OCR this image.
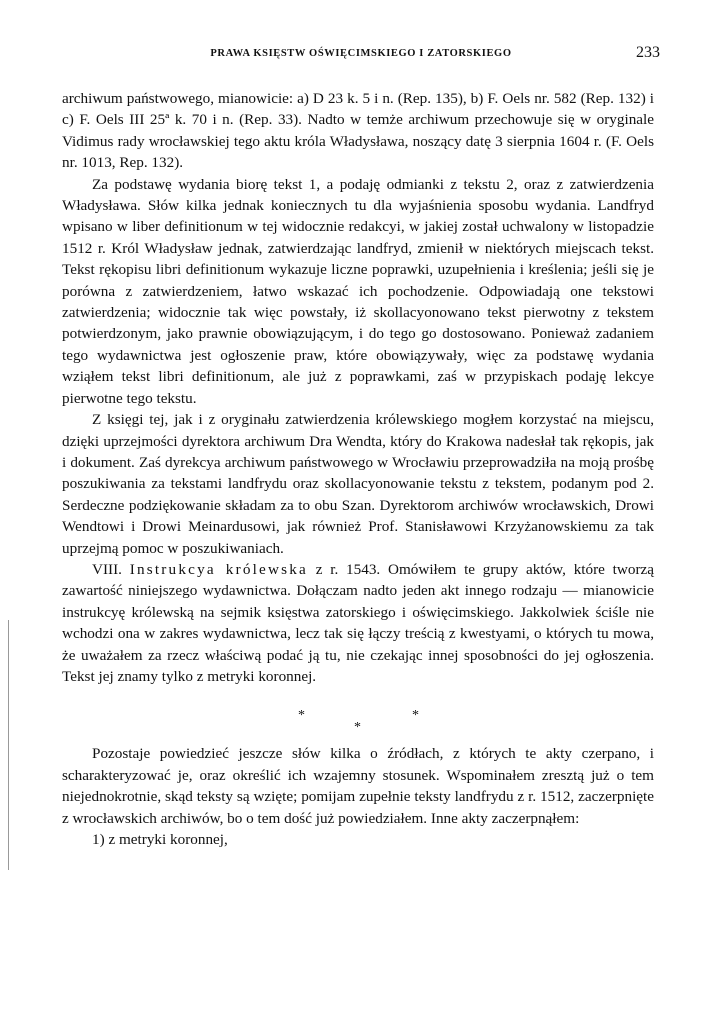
PRAWA KSIĘSTW OŚWIĘCIMSKIEGO I ZATORSKIEGO	233

archiwum państwowego, mianowicie: a) D 23 k. 5 i n. (Rep. 135), b) F. Oels nr. 582 (Rep. 132) i c) F. Oels III 25ª k. 70 i n. (Rep. 33). Nadto w temże archiwum przechowuje się w oryginale Vidimus rady wrocławskiej tego aktu króla Władysława, noszący datę 3 sierpnia 1604 r. (F. Oels nr. 1013, Rep. 132).

Za podstawę wydania biorę tekst 1, a podaję odmianki z tekstu 2, oraz z zatwierdzenia Władysława. Słów kilka jednak koniecznych tu dla wyjaśnienia sposobu wydania. Landfryd wpisano w liber definitionum w tej widocznie redakcyi, w jakiej został uchwalony w listopadzie 1512 r. Król Władysław jednak, zatwierdzając landfryd, zmienił w niektórych miejscach tekst. Tekst rękopisu libri definitionum wykazuje liczne poprawki, uzupełnienia i kreślenia; jeśli się je porówna z zatwierdzeniem, łatwo wskazać ich pochodzenie. Odpowiadają one tekstowi zatwierdzenia; widocznie tak więc powstały, iż skollacyonowano tekst pierwotny z tekstem potwierdzonym, jako prawnie obowiązującym, i do tego go dostosowano. Ponieważ zadaniem tego wydawnictwa jest ogłoszenie praw, które obowiązywały, więc za podstawę wydania wziąłem tekst libri definitionum, ale już z poprawkami, zaś w przypiskach podaję lekcye pierwotne tego tekstu.

Z księgi tej, jak i z oryginału zatwierdzenia królewskiego mogłem korzystać na miejscu, dzięki uprzejmości dyrektora archiwum Dra Wendta, który do Krakowa nadesłał tak rękopis, jak i dokument. Zaś dyrekcya archiwum państwowego w Wrocławiu przeprowadziła na moją prośbę poszukiwania za tekstami landfrydu oraz skollacyonowanie tekstu z tekstem, podanym pod 2. Serdeczne podziękowanie składam za to obu Szan. Dyrektorom archiwów wrocławskich, Drowi Wendtowi i Drowi Meinardusowi, jak również Prof. Stanisławowi Krzyżanowskiemu za tak uprzejmą pomoc w poszukiwaniach.

VIII. Instrukcya królewska z r. 1543. Omówiłem te grupy aktów, które tworzą zawartość niniejszego wydawnictwa. Dołączam nadto jeden akt innego rodzaju — mianowicie instrukcyę królewską na sejmik księstwa zatorskiego i oświęcimskiego. Jakkolwiek ściśle nie wchodzi ona w zakres wydawnictwa, lecz tak się łączy treścią z kwestyami, o których tu mowa, że uważałem za rzecz właściwą podać ją tu, nie czekając innej sposobności do jej ogłoszenia. Tekst jej znamy tylko z metryki koronnej.

*
*
*

Pozostaje powiedzieć jeszcze słów kilka o źródłach, z których te akty czerpano, i scharakteryzować je, oraz określić ich wzajemny stosunek. Wspominałem zresztą już o tem niejednokrotnie, skąd teksty są wzięte; pomijam zupełnie teksty landfrydu z r. 1512, zaczerpnięte z wrocławskich archiwów, bo o tem dość już powiedziałem. Inne akty zaczerpnąłem:

1) z metryki koronnej,
